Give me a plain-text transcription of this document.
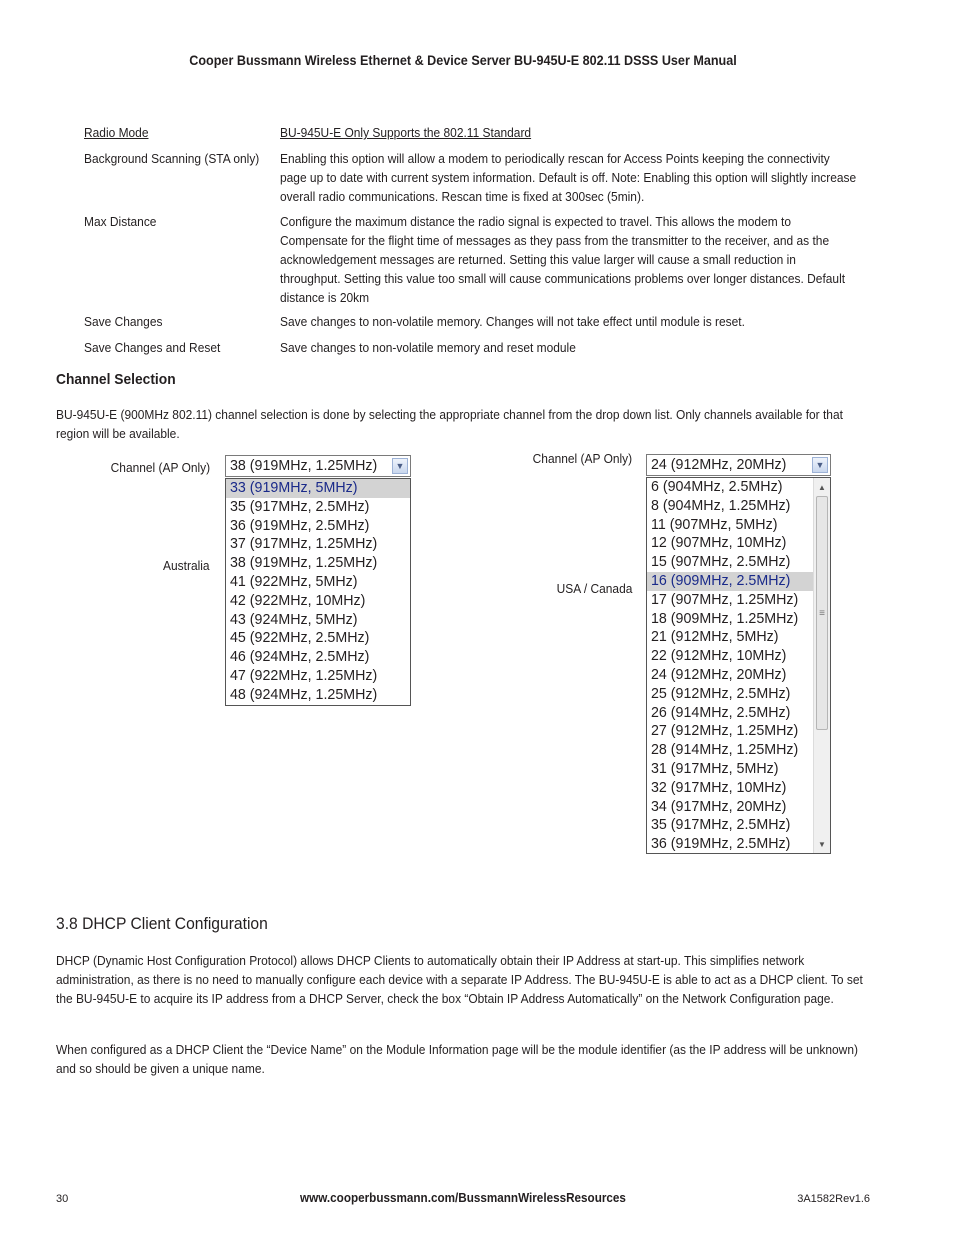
Cooper Bussmann Wireless Ethernet & Device Server BU-945U-E 802.11 DSSS User Manual
Radio Mode	BU-945U-E Only Supports the 802.11 Standard
Background Scanning (STA only)	Enabling this option will allow a modem to periodically rescan for Access Points keeping the connectivity page up to date with current system information. Default is off. Note: Enabling this option will slightly increase overall radio communications. Rescan time is fixed at 300sec (5min).
Max Distance	Configure the maximum distance the radio signal is expected to travel. This allows the modem to Compensate for the flight time of messages as they pass from the transmitter to the receiver, and as the acknowledgement messages are returned. Setting this value larger will cause a small reduction in throughput. Setting this value too small will cause communications problems over longer distances. Default distance is 20km
Save Changes	Save changes to non-volatile memory. Changes will not take effect until module is reset.
Save Changes and Reset	Save changes to non-volatile memory and reset module
Channel Selection
BU-945U-E (900MHz 802.11) channel selection is done by selecting the appropriate channel from the drop down list. Only channels available for that region will be available.
Channel (AP Only)
Australia
38 (919MHz, 1.25MHz)	▼
33 (919MHz, 5MHz)
35 (917MHz, 2.5MHz)
36 (919MHz, 2.5MHz)
37 (917MHz, 1.25MHz)
38 (919MHz, 1.25MHz)
41 (922MHz, 5MHz)
42 (922MHz, 10MHz)
43 (924MHz, 5MHz)
45 (922MHz, 2.5MHz)
46 (924MHz, 2.5MHz)
47 (922MHz, 1.25MHz)
48 (924MHz, 1.25MHz)
Channel (AP Only)
USA / Canada
24 (912MHz, 20MHz)	▼
6 (904MHz, 2.5MHz)
8 (904MHz, 1.25MHz)
11 (907MHz, 5MHz)
12 (907MHz, 10MHz)
15 (907MHz, 2.5MHz)
16 (909MHz, 2.5MHz)
17 (907MHz, 1.25MHz)
18 (909MHz, 1.25MHz)
21 (912MHz, 5MHz)
22 (912MHz, 10MHz)
24 (912MHz, 20MHz)
25 (912MHz, 2.5MHz)
26 (914MHz, 2.5MHz)
27 (912MHz, 1.25MHz)
28 (914MHz, 1.25MHz)
31 (917MHz, 5MHz)
32 (917MHz, 10MHz)
34 (917MHz, 20MHz)
35 (917MHz, 2.5MHz)
36 (919MHz, 2.5MHz)
▲
≡
▼
3.8 DHCP Client Configuration
DHCP (Dynamic Host Configuration Protocol) allows DHCP Clients to automatically obtain their IP Address at start-up. This simplifies network administration, as there is no need to manually configure each device with a separate IP Address. The BU-945U-E is able to act as a DHCP client. To set the BU-945U-E to acquire its IP address from a DHCP Server, check the box “Obtain IP Address Automatically” on the Network Configuration page.
When configured as a DHCP Client the “Device Name” on the Module Information page will be the module identifier (as the IP address will be unknown) and so should be given a unique name.
30	www.cooperbussmann.com/BussmannWirelessResources	3A1582Rev1.6
